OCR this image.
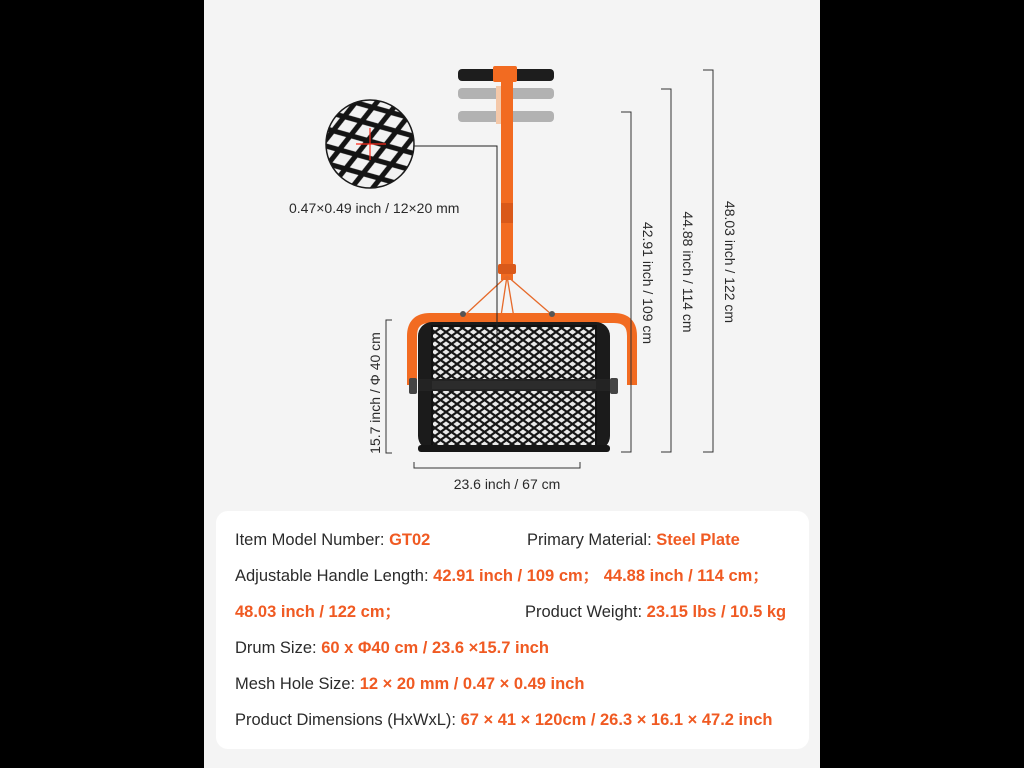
0.47×0.49 inch / 12×20 mm
42.91 inch / 109 cm 44.88 inch / 114 cm 48.03 inch / 122 cm
15.7 inch / Φ 40 cm
23.6 inch / 67 cm
Item Model Number: GT02	Primary Material: Steel Plate
Adjustable Handle Length: 42.91 inch / 109 cm； 44.88 inch / 114 cm；
48.03 inch / 122 cm；	Product Weight: 23.15 lbs / 10.5 kg
Drum Size: 60 x Φ40 cm / 23.6 ×15.7 inch
Mesh Hole Size: 12 × 20 mm / 0.47 × 0.49 inch
Product Dimensions (HxWxL): 67 × 41 × 120cm / 26.3 × 16.1 × 47.2 inch
